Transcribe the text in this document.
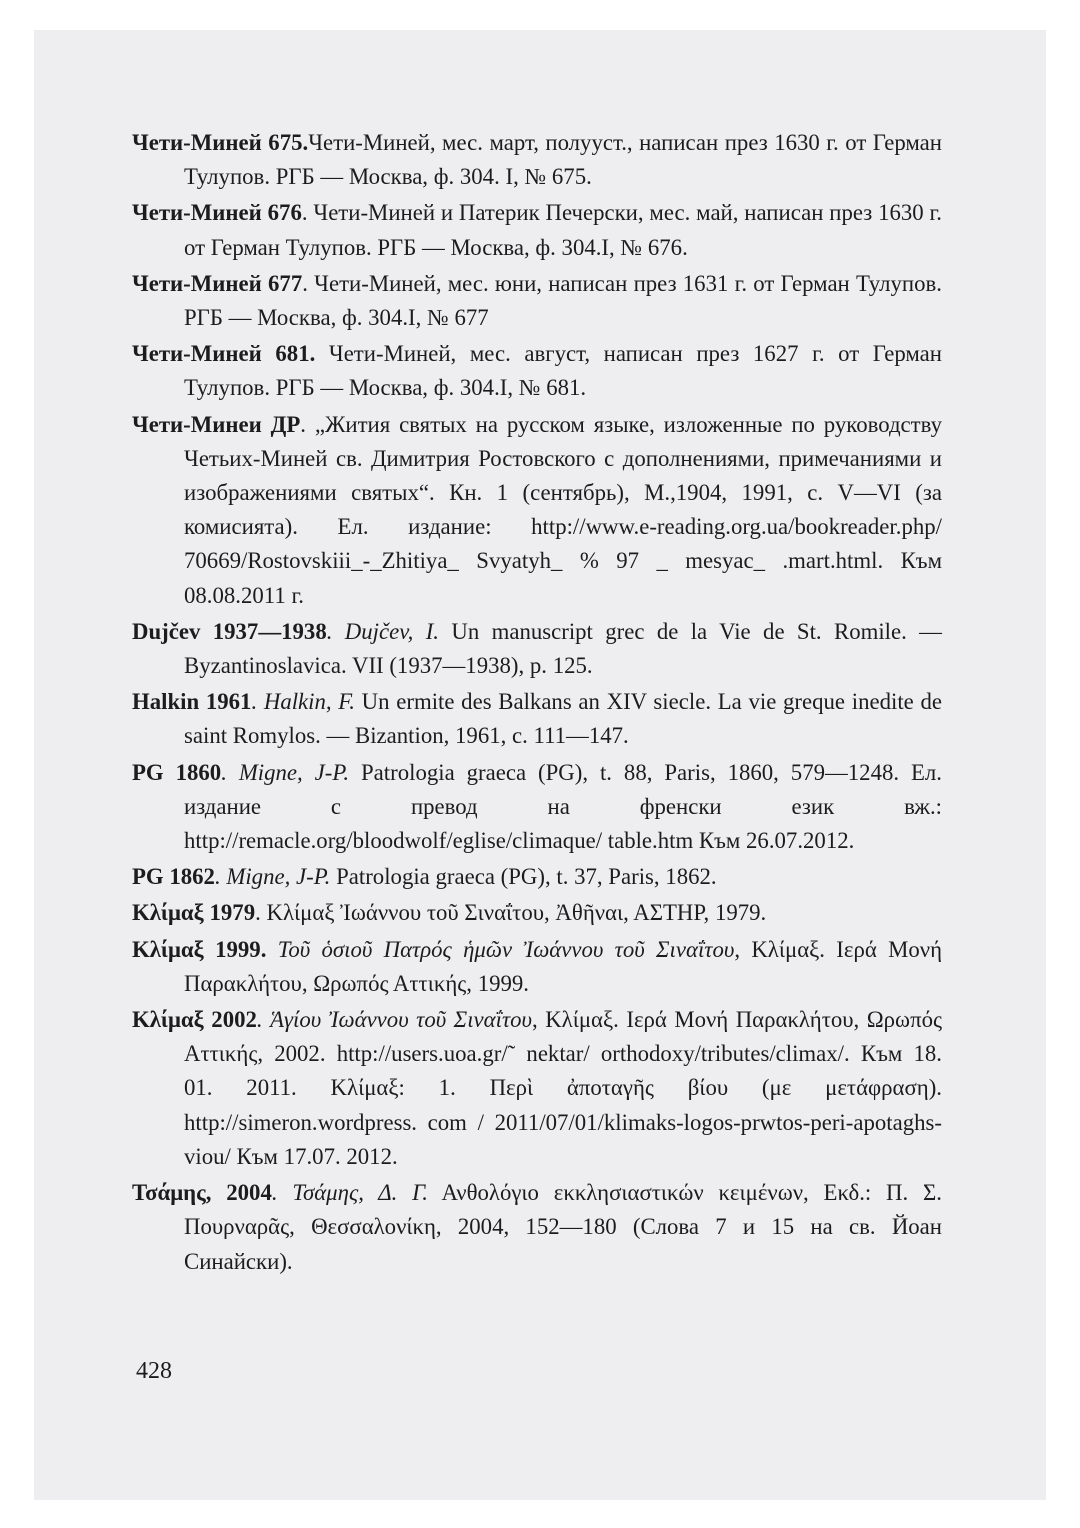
Чети-Миней 675.Чети-Миней, мес. март, полууст., написан през 1630 г. от Герман Тулупов. РГБ — Москва, ф. 304. I, № 675.

Чети-Миней 676. Чети-Миней и Патерик Печерски, мес. май, написан през 1630 г. от Герман Тулупов. РГБ — Москва, ф. 304.I, № 676.

Чети-Миней 677. Чети-Миней, мес. юни, написан през 1631 г. от Герман Тулупов. РГБ — Москва, ф. 304.I, № 677

Чети-Миней 681. Чети-Миней, мес. август, написан през 1627 г. от Герман Тулупов. РГБ — Москва, ф. 304.I, № 681.

Чети-Минеи ДР. „Жития святых на русском языке, изложенные по руководству Четьих-Миней св. Димитрия Ростовского с дополнениями, примечаниями и изображениями святых“. Кн. 1 (сентябрь), М.,1904, 1991, с. V—VI (за комисията). Ел. издание: http://www.e-reading.org.ua/bookreader.php/ 70669/Rostovskiii_-_Zhitiya_ Svyatyh_ % 97 _ mesyac_ .mart.html. Към 08.08.2011 г.

Dujčev 1937—1938. Dujčev, I. Un manuscript grec de la Vie de St. Romile. — Byzantinoslavica. VII (1937—1938), p. 125.

Halkin 1961. Halkin, F. Un ermite des Balkans an XIV siecle. La vie greque inedite de saint Romylos. — Bizantion, 1961, c. 111—147.

PG 1860. Migne, J-P. Patrologia graeca (PG), t. 88, Paris, 1860, 579—1248. Ел. издание с превод на френски език вж.: http://remacle.org/bloodwolf/eglise/climaque/ table.htm Към 26.07.2012.

PG 1862. Migne, J-P. Patrologia graeca (PG), t. 37, Paris, 1862.

Κλίμαξ 1979. Κλίμαξ Ἰωάννου τοῦ Σιναΐτου, Ἀθῆναι, ΑΣΤΗΡ, 1979.

Κλίμαξ 1999. Τοῦ ὁσιοῦ Πατρός ἡμῶν Ἰωάννου τοῦ Σιναΐτου, Κλίμαξ. Ιερά Μονή Παρακλήτου, Ωρωπός Αττικής, 1999.

Κλίμαξ 2002. Ἁγίου Ἰωάννου τοῦ Σιναΐτου, Κλίμαξ. Ιερά Μονή Παρακλήτου, Ωρωπός Αττικής, 2002. http://users.uoa.gr/˜ nektar/ orthodoxy/tributes/climax/. Към 18. 01. 2011. Κλίμαξ: 1. Περὶ ἀποταγῆς βίου (με μετάφραση). http://simeron.wordpress. com / 2011/07/01/klimaks-logos-prwtos-peri-apotaghs-viou/ Към 17.07. 2012.

Τσάμης, 2004. Τσάμης, Δ. Γ. Ανθολόγιο εκκλησιαστικών κειμένων, Εκδ.: Π. Σ. Πουρναρᾶς, Θεσσαλονίκη, 2004, 152—180 (Слова 7 и 15 на св. Йоан Синайски).

428
